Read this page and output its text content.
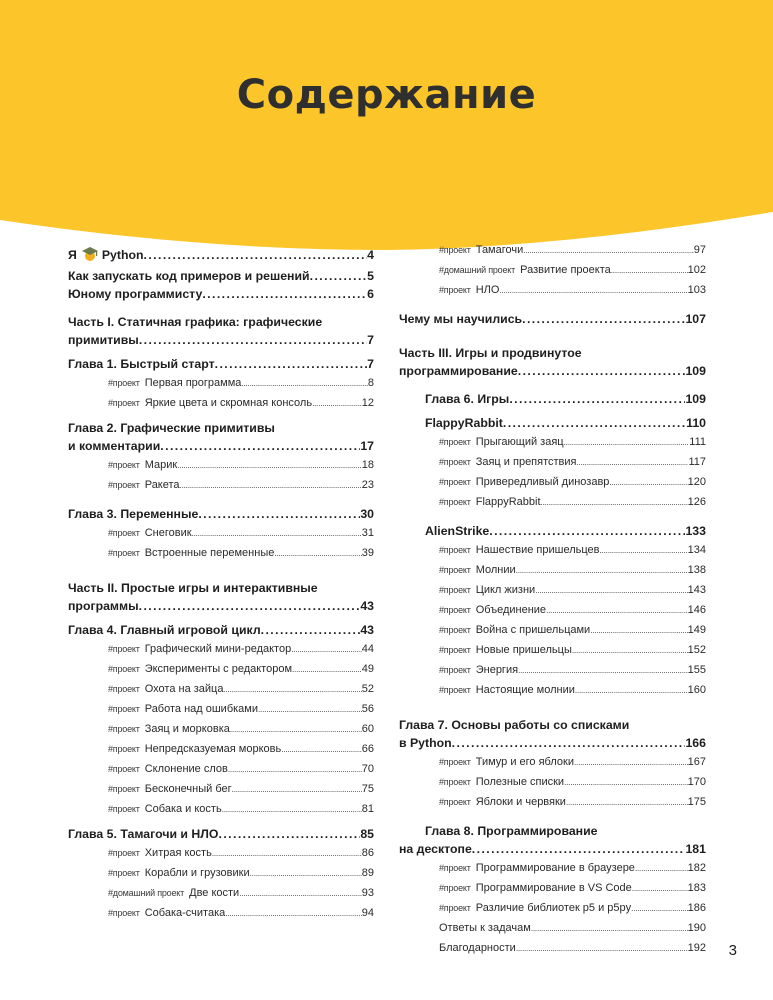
Содержание
Я Python . . .	4
Как запускать код примеров и решений . . .	5
Юному программисту . . .	6
Часть I. Статичная графика: графические
примитивы . . .	7
Глава 1. Быстрый старт . . .	7
#проект Первая программа . . .	8
#проект Яркие цвета и скромная консоль . . .	12
Глава 2. Графические примитивы
и комментарии . . .	17
#проект Марик . . .	18
#проект Ракета . . .	23
Глава 3. Переменные . . .	30
#проект Снеговик . . .	31
#проект Встроенные переменные . . .	39
Часть II. Простые игры и интерактивные
программы . . .	43
Глава 4. Главный игровой цикл . . .	43
#проект Графический мини-редактор . . .	44
#проект Эксперименты с редактором . . .	49
#проект Охота на зайца . . .	52
#проект Работа над ошибками . . .	56
#проект Заяц и морковка . . .	60
#проект Непредсказуемая морковь . . .	66
#проект Склонение слов . . .	70
#проект Бесконечный бег . . .	75
#проект Собака и кость . . .	81
Глава 5. Тамагочи и НЛО . . .	85
#проект Хитрая кость . . .	86
#проект Корабли и грузовики . . .	89
#домашний проект Две кости . . .	93
#проект Собака-считака . . .	94
#проект Тамагочи . . .	97
#домашний проект Развитие проекта . . .	102
#проект НЛО . . .	103
Чему мы научились . . .	107
Часть III. Игры и продвинутое
программирование . . .	109
Глава 6. Игры . . .	109
FlappyRabbit . . .	110
#проект Прыгающий заяц . . .	111
#проект Заяц и препятствия . . .	117
#проект Привередливый динозавр . . .	120
#проект FlappyRabbit . . .	126
AlienStrike . . .	133
#проект Нашествие пришельцев . . .	134
#проект Молнии . . .	138
#проект Цикл жизни . . .	143
#проект Объединение . . .	146
#проект Война с пришельцами . . .	149
#проект Новые пришельцы . . .	152
#проект Энергия . . .	155
#проект Настоящие молнии . . .	160
Глава 7. Основы работы со списками
в Python . . .	166
#проект Тимур и его яблоки . . .	167
#проект Полезные списки . . .	170
#проект Яблоки и червяки . . .	175
Глава 8. Программирование
на десктопе . . .	181
#проект Программирование в браузере . . .	182
#проект Программирование в VS Code . . .	183
#проект Различие библиотек p5 и p5py . . .	186
Ответы к задачам . . .	190
Благодарности . . .	192 3
